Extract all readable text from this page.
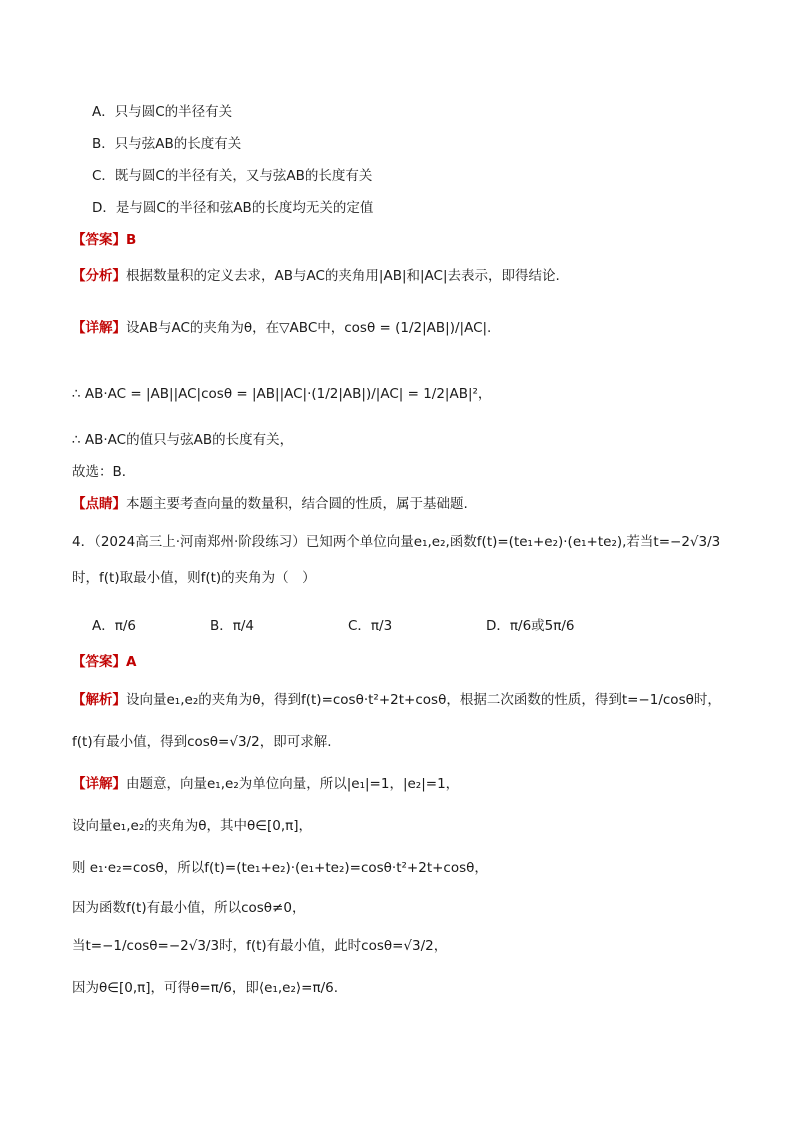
A．只与圆C的半径有关
B．只与弦AB的长度有关
C．既与圆C的半径有关，又与弦AB的长度有关
D．是与圆C的半径和弦AB的长度均无关的定值
【答案】B
【分析】根据数量积的定义去求，AB与AC的夹角用|AB|和|AC|去表示，即得结论.
【详解】设AB与AC的夹角为θ，在▽ABC中，cosθ = (1/2|AB|)/|AC|.
∴ AB·AC = |AB||AC|cosθ = |AB||AC|·(1/2|AB|)/|AC| = 1/2|AB|²，
∴ AB·AC的值只与弦AB的长度有关，
故选：B．
【点睛】本题主要考查向量的数量积，结合圆的性质，属于基础题.
4．（2024高三上·河南郑州·阶段练习）已知两个单位向量e₁,e₂,函数f(t)=(te₁+e₂)·(e₁+te₂),若当t=−2√3/3
时，f(t)取最小值，则f(t)的夹角为（　）
A．π/6	B．π/4	C．π/3	D．π/6或5π/6
【答案】A
【解析】设向量e₁,e₂的夹角为θ，得到f(t)=cosθ·t²+2t+cosθ，根据二次函数的性质，得到t=−1/cosθ时，
f(t)有最小值，得到cosθ=√3/2，即可求解.
【详解】由题意，向量e₁,e₂为单位向量，所以|e₁|=1，|e₂|=1，
设向量e₁,e₂的夹角为θ，其中θ∈[0,π]，
则 e₁·e₂=cosθ，所以f(t)=(te₁+e₂)·(e₁+te₂)=cosθ·t²+2t+cosθ，
因为函数f(t)有最小值，所以cosθ≠0，
当t=−1/cosθ=−2√3/3时，f(t)有最小值，此时cosθ=√3/2，
因为θ∈[0,π]，可得θ=π/6，即⟨e₁,e₂⟩=π/6.
